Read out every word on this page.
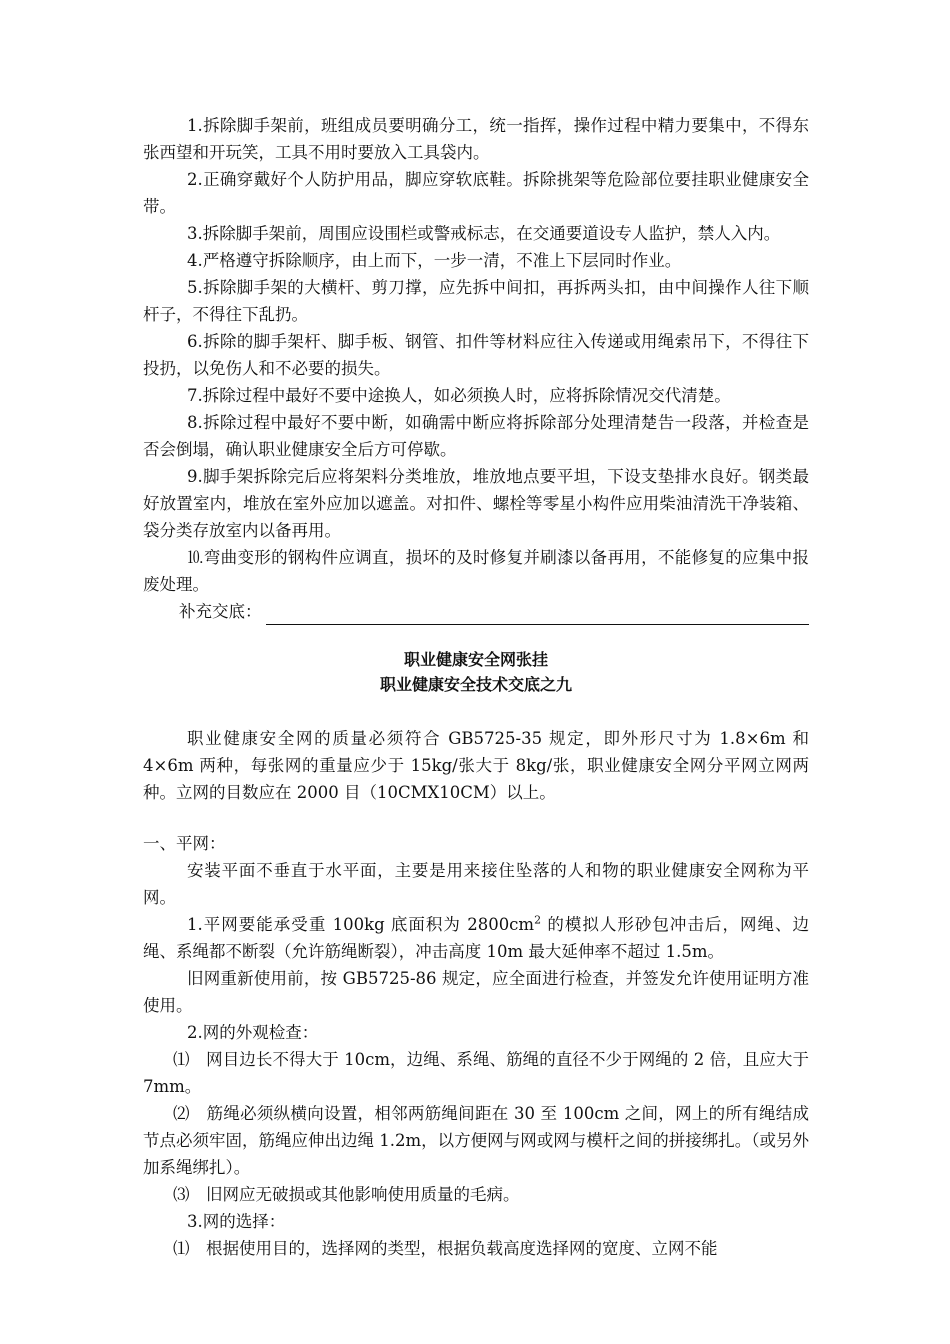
1.拆除脚手架前，班组成员要明确分工，统一指挥，操作过程中精力要集中，不得东张西望和开玩笑，工具不用时要放入工具袋内。

2.正确穿戴好个人防护用品，脚应穿软底鞋。拆除挑架等危险部位要挂职业健康安全带。

3.拆除脚手架前，周围应设围栏或警戒标志，在交通要道设专人监护，禁人入内。

4.严格遵守拆除顺序，由上而下，一步一清，不准上下层同时作业。

5.拆除脚手架的大横杆、剪刀撑，应先拆中间扣，再拆两头扣，由中间操作人往下顺杆子，不得往下乱扔。

6.拆除的脚手架杆、脚手板、钢管、扣件等材料应往入传递或用绳索吊下，不得往下投扔，以免伤人和不必要的损失。

7.拆除过程中最好不要中途换人，如必须换人时，应将拆除情况交代清楚。

8.拆除过程中最好不要中断，如确需中断应将拆除部分处理清楚告一段落，并检查是否会倒塌，确认职业健康安全后方可停歇。

9.脚手架拆除完后应将架料分类堆放，堆放地点要平坦，下设支垫排水良好。钢类最好放置室内，堆放在室外应加以遮盖。对扣件、螺栓等零星小构件应用柴油清洗干净装箱、袋分类存放室内以备再用。

⒑弯曲变形的钢构件应调直，损坏的及时修复并刷漆以备再用，不能修复的应集中报废处理。

补充交底：

职业健康安全网张挂

职业健康安全技术交底之九

职业健康安全网的质量必须符合 GB5725-35 规定，即外形尺寸为 1.8×6m 和 4×6m 两种，每张网的重量应少于 15kg/张大于 8kg/张，职业健康安全网分平网立网两种。立网的目数应在 2000 目（10CMX10CM）以上。

一、平网：

安装平面不垂直于水平面，主要是用来接住坠落的人和物的职业健康安全网称为平网。

1.平网要能承受重 100kg 底面积为 $2800cm^2$ 的模拟人形砂包冲击后，网绳、边绳、系绳都不断裂（允许筋绳断裂），冲击高度 10m 最大延伸率不超过 1.5m。

旧网重新使用前，按 GB5725-86 规定，应全面进行检查，并签发允许使用证明方准使用。

2.网的外观检查：

⑴　网目边长不得大于 10cm，边绳、系绳、筋绳的直径不少于网绳的 2 倍，且应大于 7mm。

⑵　筋绳必须纵横向设置，相邻两筋绳间距在 30 至 100cm 之间，网上的所有绳结成节点必须牢固，筋绳应伸出边绳 1.2m，以方便网与网或网与模杆之间的拼接绑扎。（或另外加系绳绑扎）。

⑶　旧网应无破损或其他影响使用质量的毛病。

3.网的选择：

⑴　根据使用目的，选择网的类型，根据负载高度选择网的宽度、立网不能
